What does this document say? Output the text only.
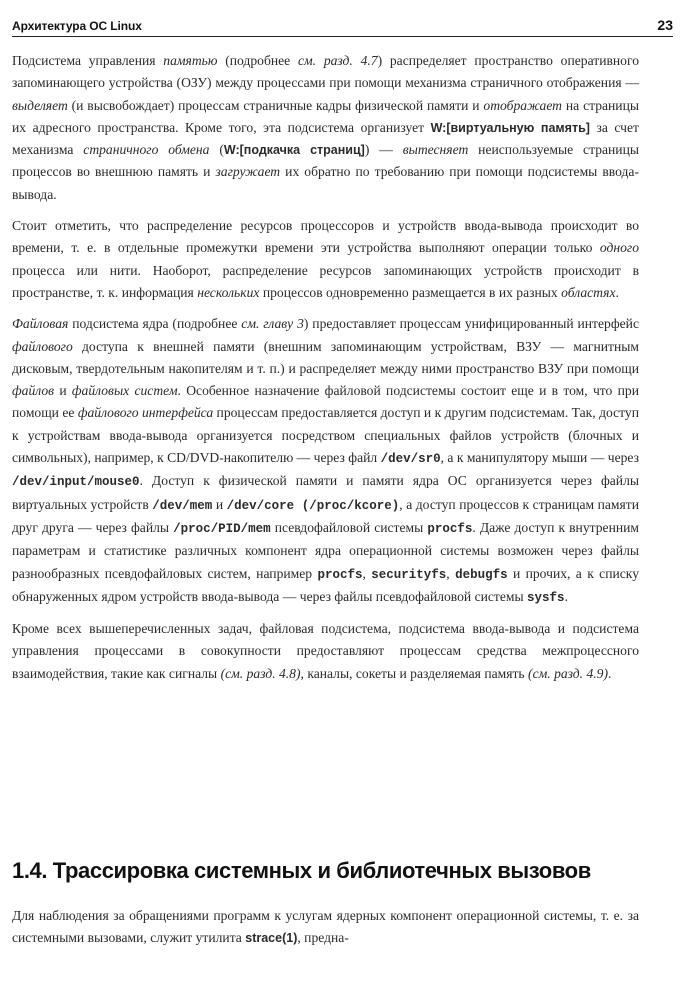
Архитектура ОС Linux	23

Подсистема управления памятью (подробнее см. разд. 4.7) распределяет пространство оперативного запоминающего устройства (ОЗУ) между процессами при помощи механизма страничного отображения — выделяет (и высвобождает) процессам страничные кадры физической памяти и отображает на страницы их адресного пространства. Кроме того, эта подсистема организует W:[виртуальную память] за счет механизма страничного обмена (W:[подкачка страниц]) — вытесняет неиспользуемые страницы процессов во внешнюю память и загружает их обратно по требованию при помощи подсистемы ввода-вывода.

Стоит отметить, что распределение ресурсов процессоров и устройств ввода-вывода происходит во времени, т. е. в отдельные промежутки времени эти устройства выполняют операции только одного процесса или нити. Наоборот, распределение ресурсов запоминающих устройств происходит в пространстве, т. к. информация нескольких процессов одновременно размещается в их разных областях.

Файловая подсистема ядра (подробнее см. главу 3) предоставляет процессам унифицированный интерфейс файлового доступа к внешней памяти (внешним запоминающим устройствам, ВЗУ — магнитным дисковым, твердотельным накопителям и т. п.) и распределяет между ними пространство ВЗУ при помощи файлов и файловых систем. Особенное назначение файловой подсистемы состоит еще и в том, что при помощи ее файлового интерфейса процессам предоставляется доступ и к другим подсистемам. Так, доступ к устройствам ввода-вывода организуется посредством специальных файлов устройств (блочных и символьных), например, к CD/DVD-накопителю — через файл /dev/sr0, а к манипулятору мыши — через /dev/input/mouse0. Доступ к физической памяти и памяти ядра ОС организуется через файлы виртуальных устройств /dev/mem и /dev/core (/proc/kcore), а доступ процессов к страницам памяти друг друга — через файлы /proc/PID/mem псевдофайловой системы procfs. Даже доступ к внутренним параметрам и статистике различных компонент ядра операционной системы возможен через файлы разнообразных псевдофайловых систем, например procfs, securityfs, debugfs и прочих, а к списку обнаруженных ядром устройств ввода-вывода — через файлы псевдофайловой системы sysfs.

Кроме всех вышеперечисленных задач, файловая подсистема, подсистема ввода-вывода и подсистема управления процессами в совокупности предоставляют процессам средства межпроцессного взаимодействия, такие как сигналы (см. разд. 4.8), каналы, сокеты и разделяемая память (см. разд. 4.9).

1.4. Трассировка системных и библиотечных вызовов

Для наблюдения за обращениями программ к услугам ядерных компонент операционной системы, т. е. за системными вызовами, служит утилита strace(1), предна-
